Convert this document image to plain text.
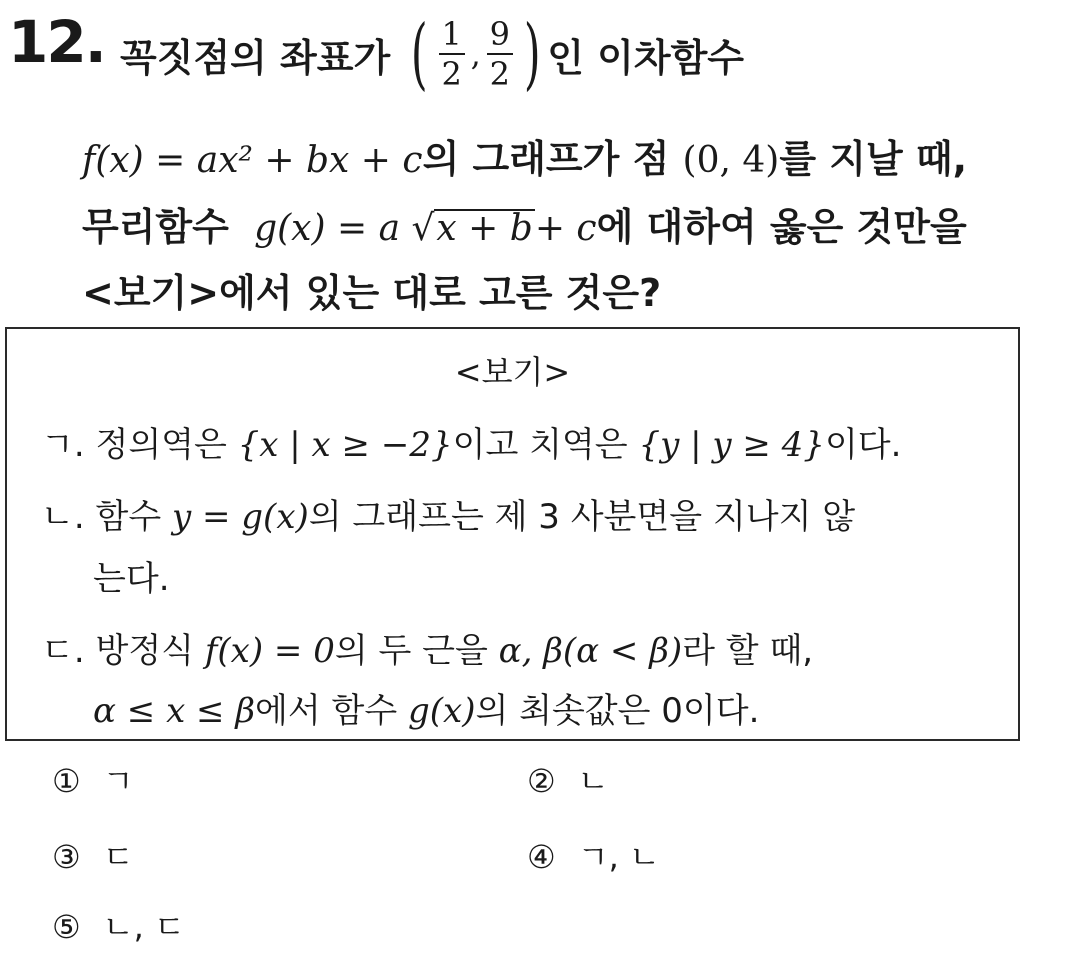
12. 꼭짓점의 좌표가 ( $\frac{1}{2}$ , $\frac{9}{2}$ ) 인 이차함수
f(x) = ax² + bx + c의 그래프가 점 (0, 4)를 지날 때,
무리함수 g(x) = a √x + b+ c에 대하여 옳은 것만을
<보기>에서 있는 대로 고른 것은?
<보기>
ㄱ. 정의역은 {x | x ≥ −2}이고 치역은 {y | y ≥ 4}이다.
ㄴ. 함수 y = g(x)의 그래프는 제 3 사분면을 지나지 않
는다.
ㄷ. 방정식 f(x) = 0의 두 근을 α, β(α < β)라 할 때,
α ≤ x ≤ β에서 함수 g(x)의 최솟값은 0이다.
① ㄱ	② ㄴ
③ ㄷ	④ ㄱ, ㄴ
⑤ ㄴ, ㄷ
